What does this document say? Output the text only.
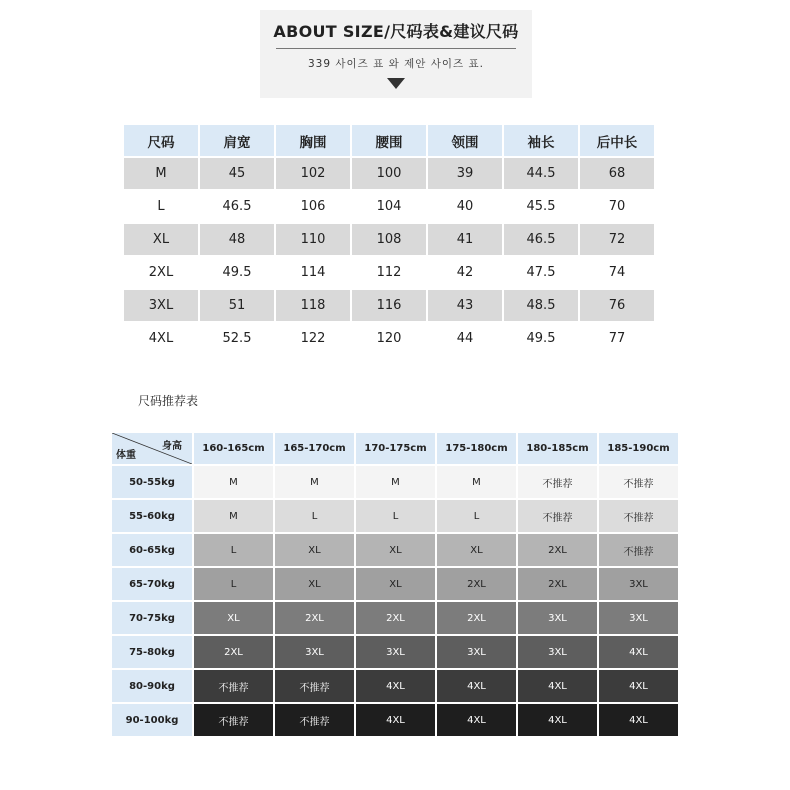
ABOUT SIZE/尺码表&建议尺码
339 사이즈 표 와 제안 사이즈 표.
尺码	肩宽	胸围	腰围	领围	袖长	后中长
M	45	102	100	39	44.5	68
L	46.5	106	104	40	45.5	70
XL	48	110	108	41	46.5	72
2XL	49.5	114	112	42	47.5	74
3XL	51	118	116	43	48.5	76
4XL	52.5	122	120	44	49.5	77
尺码推荐表
身高
体重	160-165cm	165-170cm	170-175cm	175-180cm	180-185cm	185-190cm
50-55kg	M	M	M	M	不推荐	不推荐
55-60kg	M	L	L	L	不推荐	不推荐
60-65kg	L	XL	XL	XL	2XL	不推荐
65-70kg	L	XL	XL	2XL	2XL	3XL
70-75kg	XL	2XL	2XL	2XL	3XL	3XL
75-80kg	2XL	3XL	3XL	3XL	3XL	4XL
80-90kg	不推荐	不推荐	4XL	4XL	4XL	4XL
90-100kg	不推荐	不推荐	4XL	4XL	4XL	4XL
